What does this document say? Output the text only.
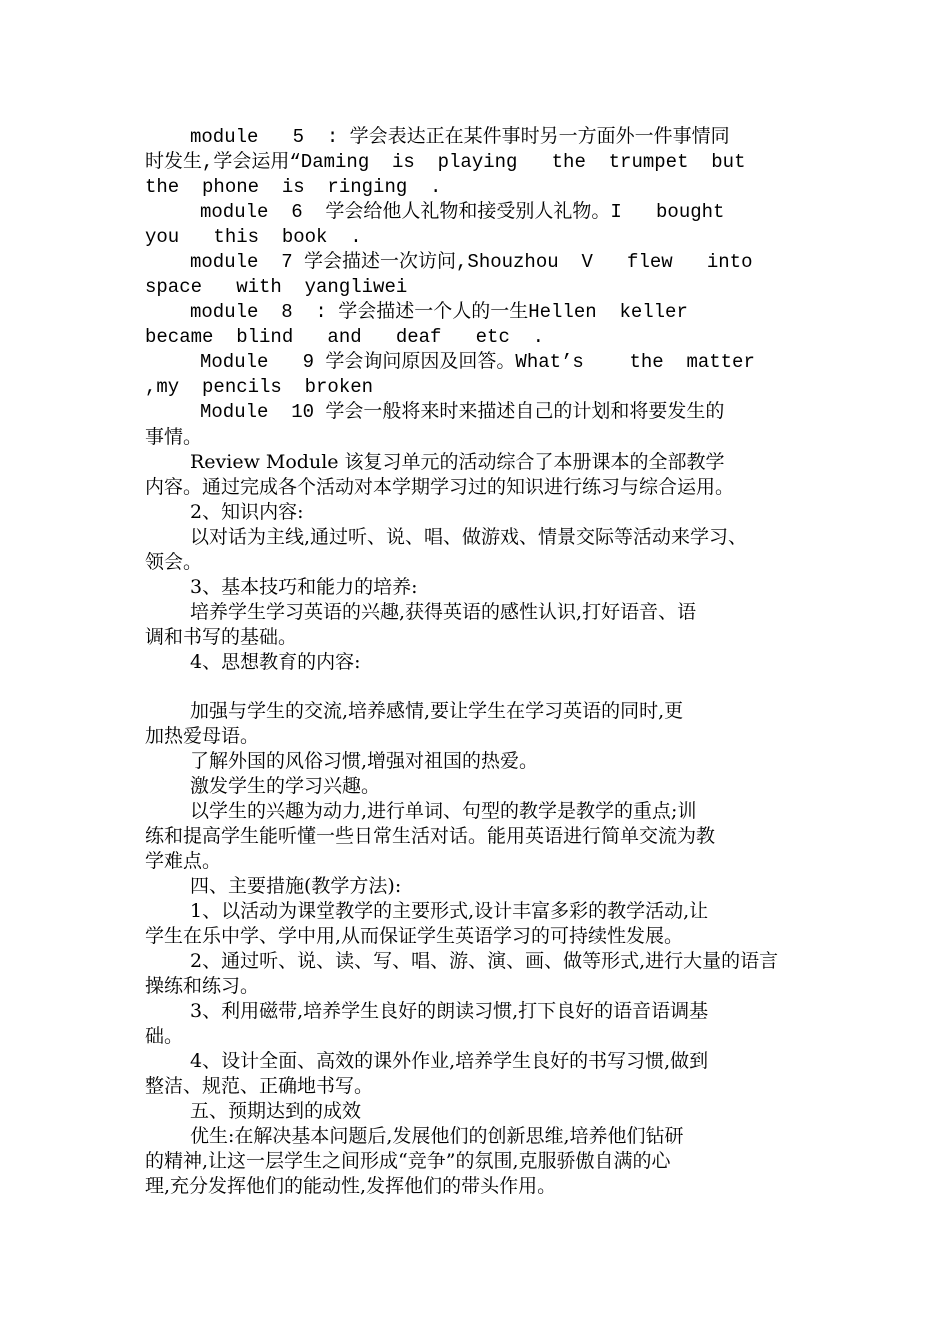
module   5  : 学会表达正在某件事时另一方面外一件事情同
时发生,学会运用“Daming  is  playing   the  trumpet  but
the  phone  is  ringing  .
module  6  学会给他人礼物和接受别人礼物。I   bought
you   this  book  .
module  7 学会描述一次访问,Shouzhou  V   flew   into
space   with  yangliwei
module  8  : 学会描述一个人的一生Hellen  keller
became  blind   and   deaf   etc  .
Module   9 学会询问原因及回答。What’s    the  matter
,my  pencils  broken
Module  10 学会一般将来时来描述自己的计划和将要发生的
事情。
Review Module 该复习单元的活动综合了本册课本的全部教学
内容。通过完成各个活动对本学期学习过的知识进行练习与综合运用。
2、知识内容:
以对话为主线,通过听、说、唱、做游戏、情景交际等活动来学习、
领会。
3、基本技巧和能力的培养:
培养学生学习英语的兴趣,获得英语的感性认识,打好语音、语
调和书写的基础。
4、思想教育的内容:
加强与学生的交流,培养感情,要让学生在学习英语的同时,更
加热爱母语。
了解外国的风俗习惯,增强对祖国的热爱。
激发学生的学习兴趣。
以学生的兴趣为动力,进行单词、句型的教学是教学的重点;训
练和提高学生能听懂一些日常生活对话。能用英语进行简单交流为教
学难点。
四、主要措施(教学方法):
1、以活动为课堂教学的主要形式,设计丰富多彩的教学活动,让
学生在乐中学、学中用,从而保证学生英语学习的可持续性发展。
2、通过听、说、读、写、唱、游、演、画、做等形式,进行大量的语言
操练和练习。
3、利用磁带,培养学生良好的朗读习惯,打下良好的语音语调基
础。
4、设计全面、高效的课外作业,培养学生良好的书写习惯,做到
整洁、规范、正确地书写。
五、预期达到的成效
优生:在解决基本问题后,发展他们的创新思维,培养他们钻研
的精神,让这一层学生之间形成“竞争”的氛围,克服骄傲自满的心
理,充分发挥他们的能动性,发挥他们的带头作用。
